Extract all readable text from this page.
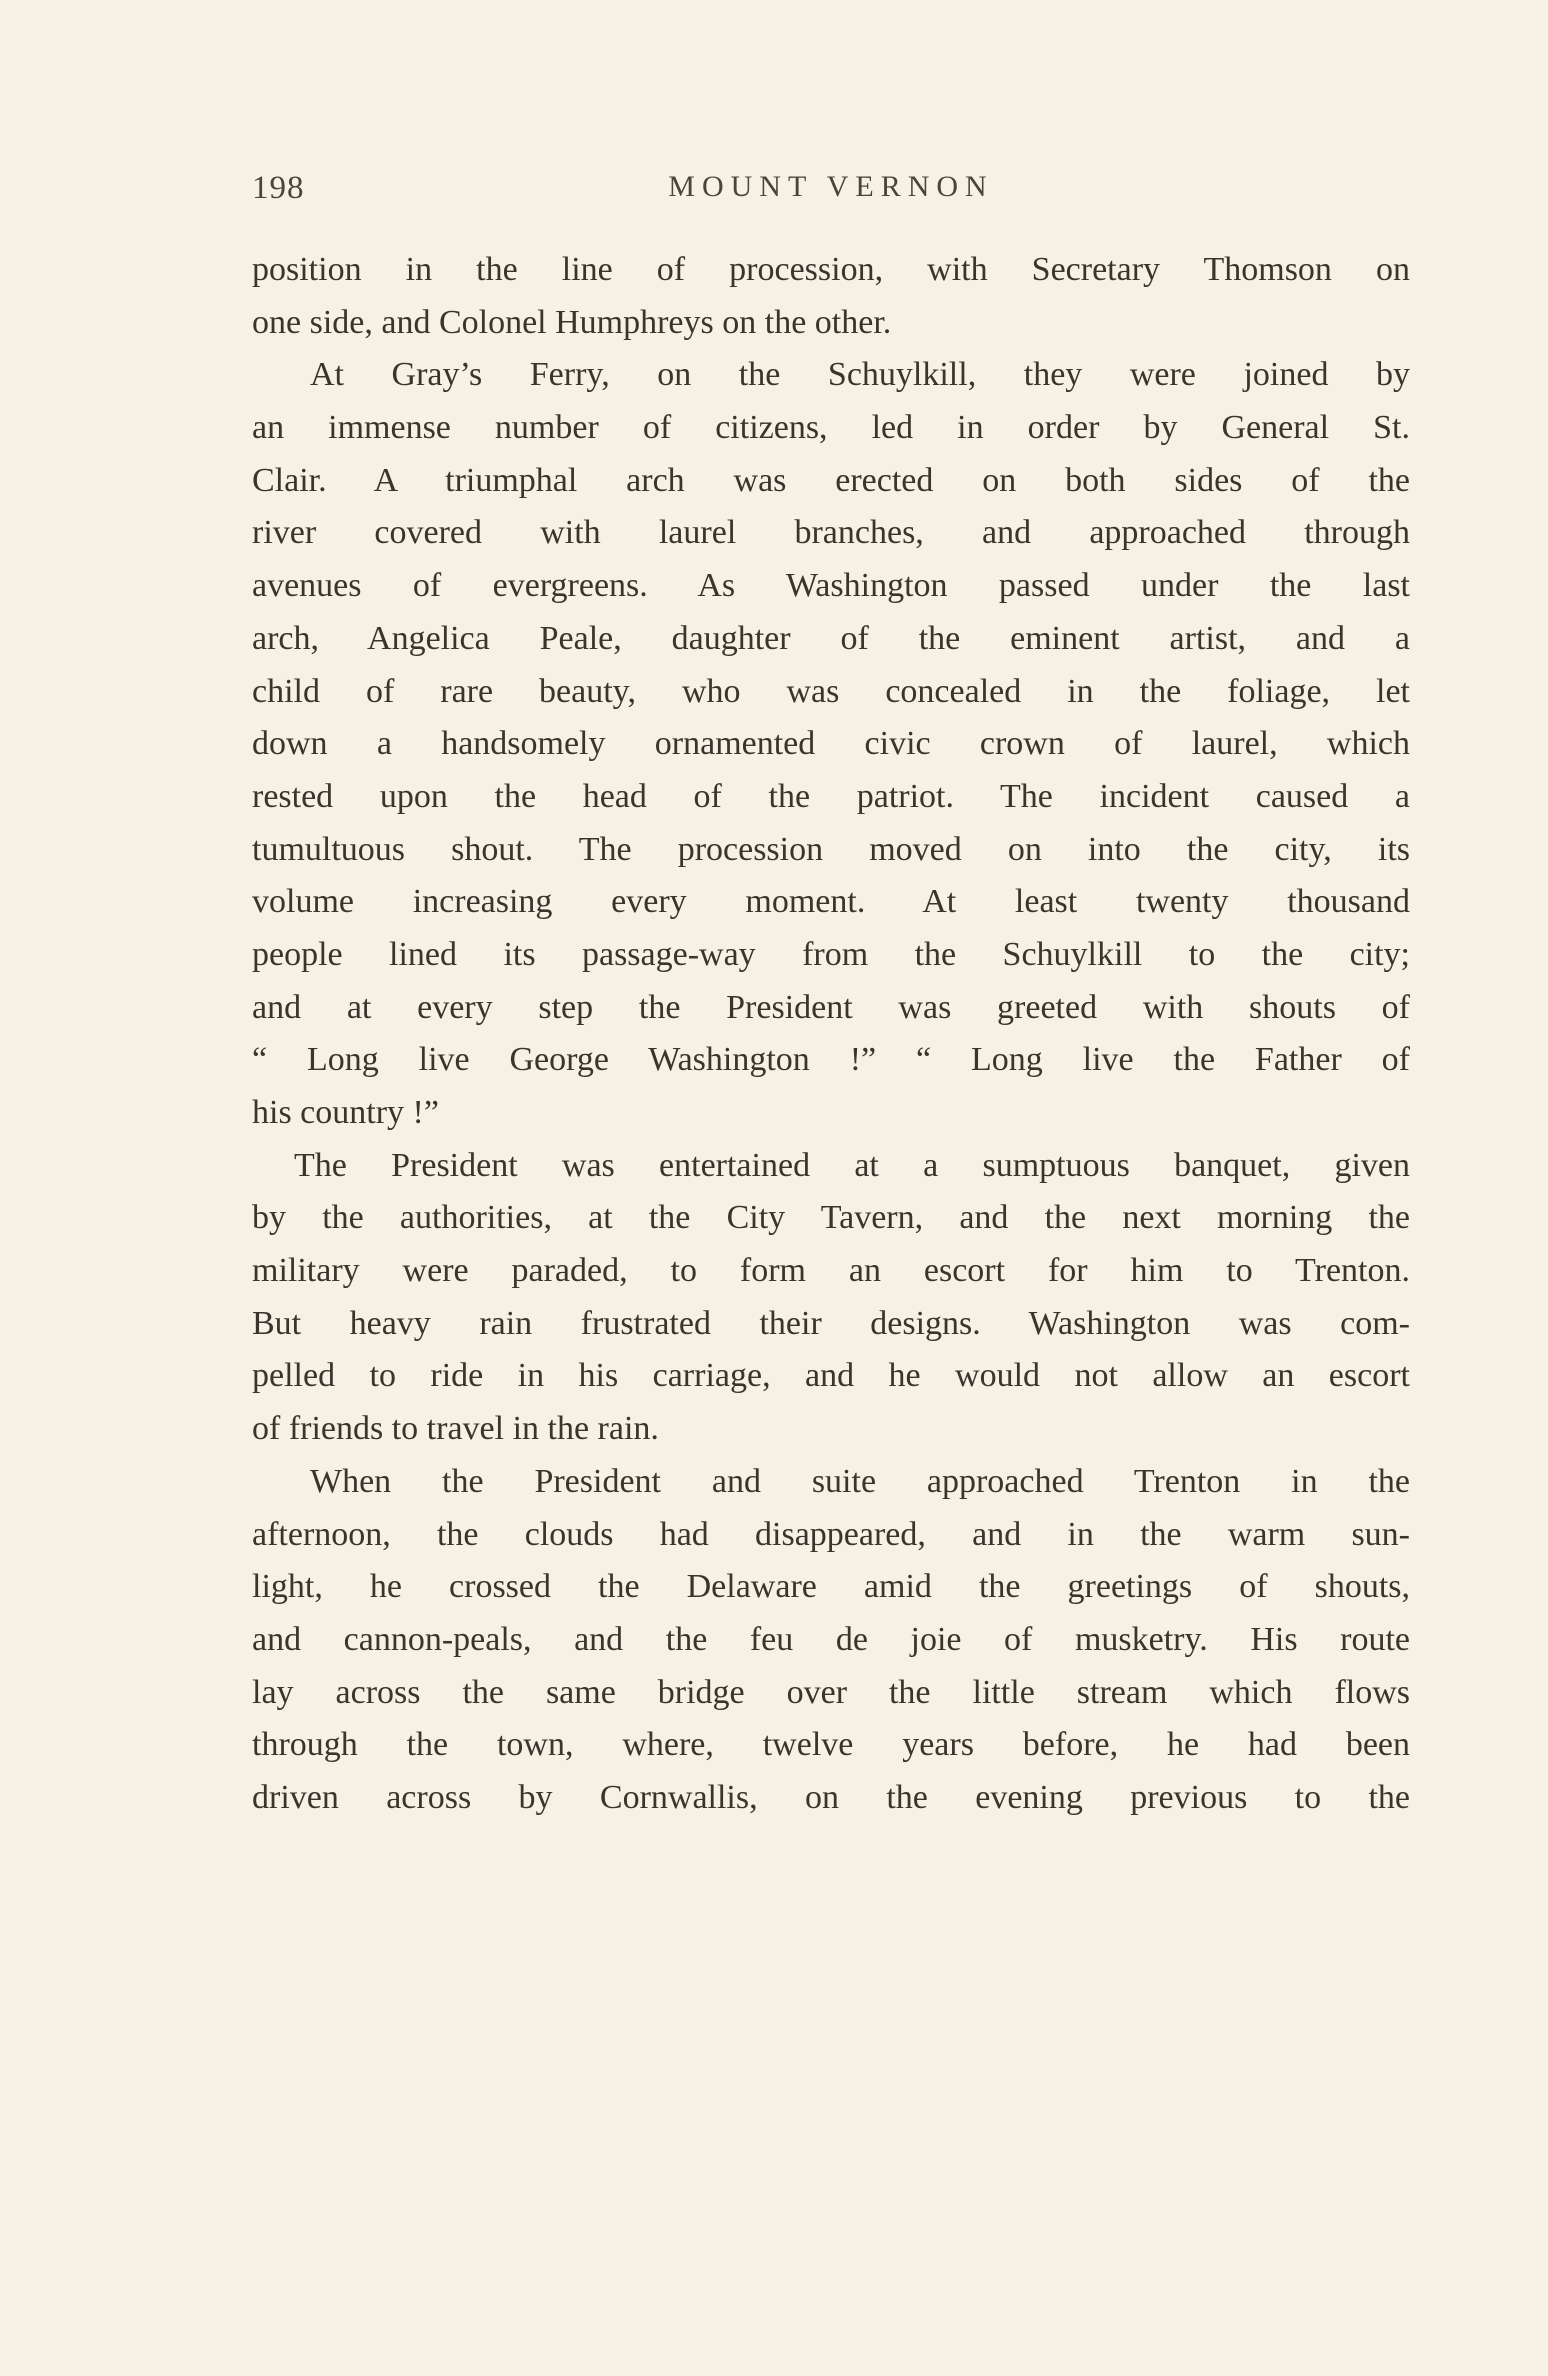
198	MOUNT VERNON
position in the line of procession, with Secretary Thomson on
one side, and Colonel Humphreys on the other.
At Gray’s Ferry, on the Schuylkill, they were joined by
an immense number of citizens, led in order by General St.
Clair. A triumphal arch was erected on both sides of the
river covered with laurel branches, and approached through
avenues of evergreens. As Washington passed under the last
arch, Angelica Peale, daughter of the eminent artist, and a
child of rare beauty, who was concealed in the foliage, let
down a handsomely ornamented civic crown of laurel, which
rested upon the head of the patriot. The incident caused a
tumultuous shout. The procession moved on into the city, its
volume increasing every moment. At least twenty thousand
people lined its passage-way from the Schuylkill to the city;
and at every step the President was greeted with shouts of
“ Long live George Washington !” “ Long live the Father of
his country !”
The President was entertained at a sumptuous banquet, given
by the authorities, at the City Tavern, and the next morning the
military were paraded, to form an escort for him to Trenton.
But heavy rain frustrated their designs. Washington was com-
pelled to ride in his carriage, and he would not allow an escort
of friends to travel in the rain.
When the President and suite approached Trenton in the
afternoon, the clouds had disappeared, and in the warm sun-
light, he crossed the Delaware amid the greetings of shouts,
and cannon-peals, and the feu de joie of musketry. His route
lay across the same bridge over the little stream which flows
through the town, where, twelve years before, he had been
driven across by Cornwallis, on the evening previous to the
